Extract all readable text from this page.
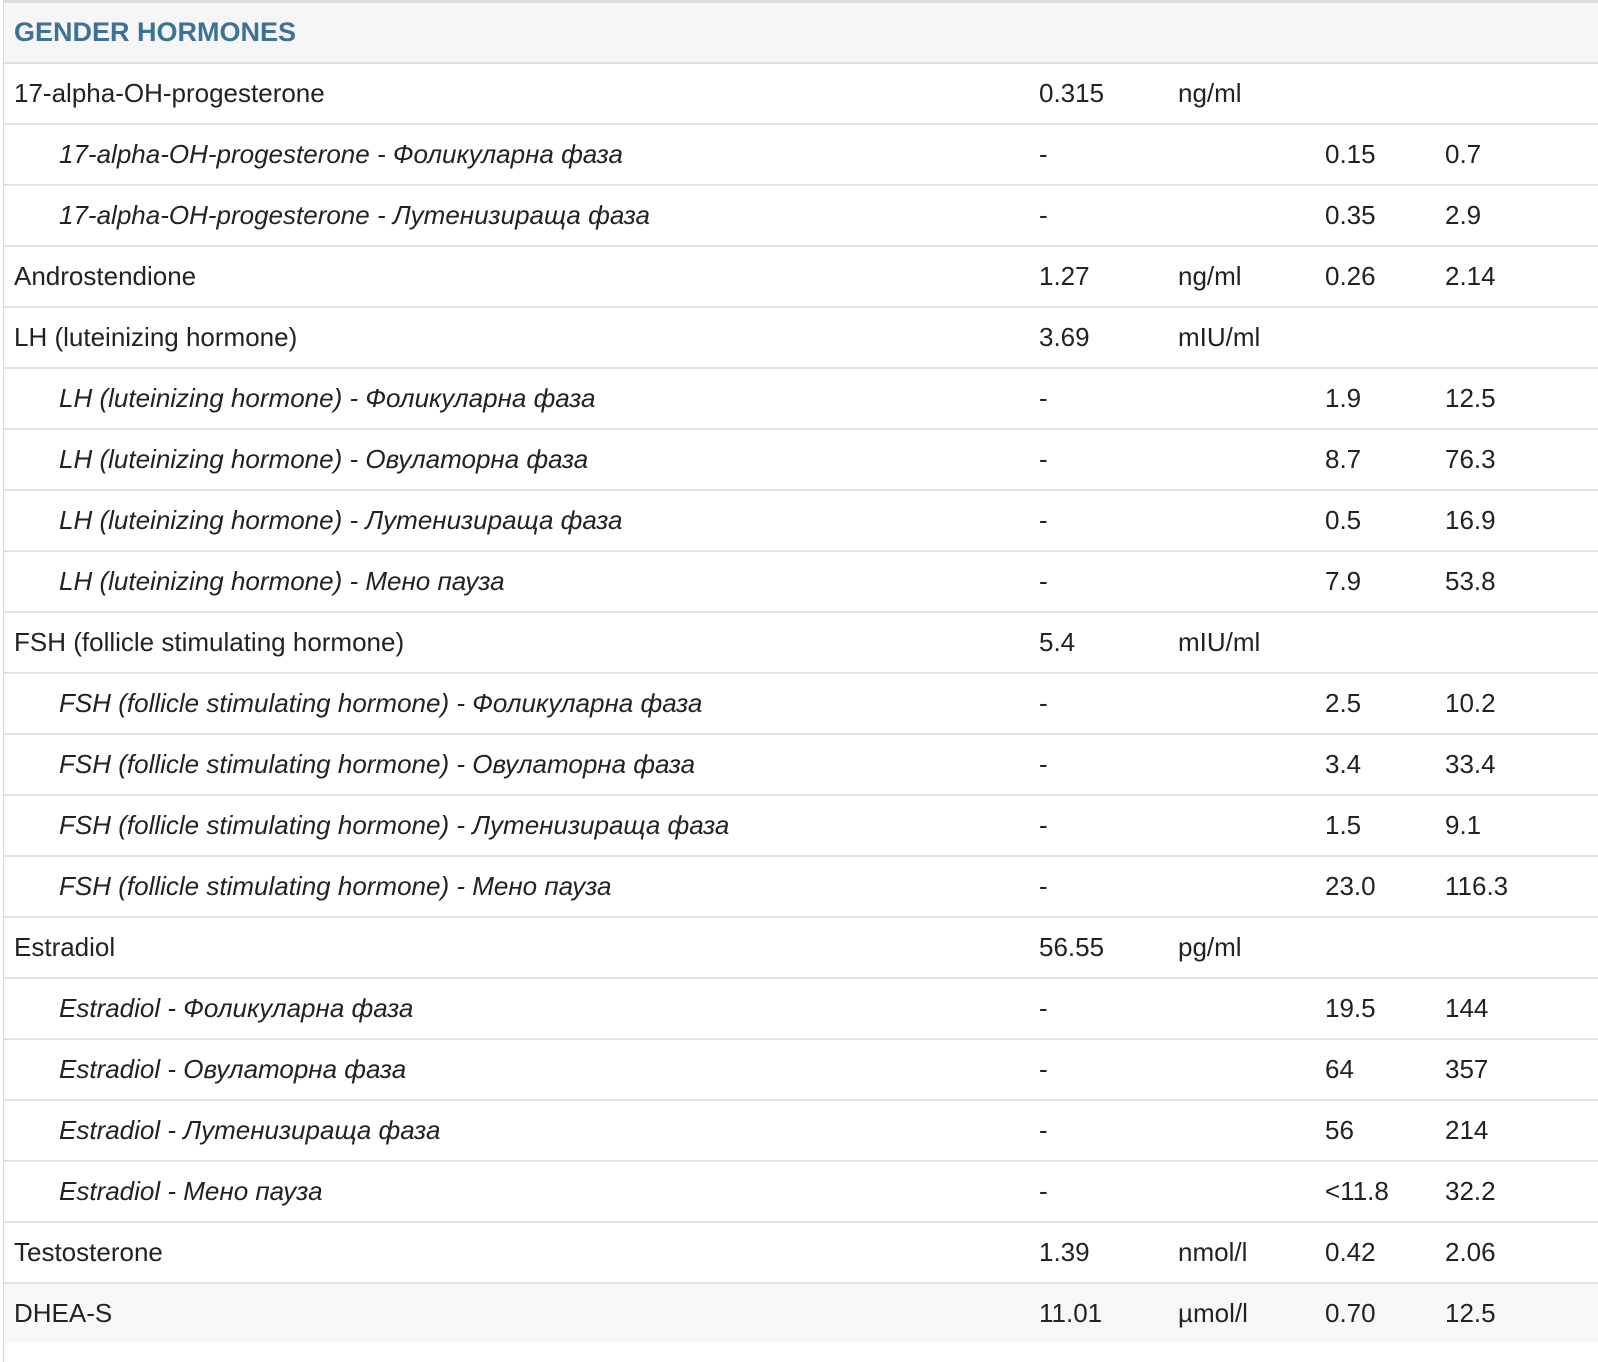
GENDER HORMONES
17-alpha-OH-progesterone	0.315	ng/ml		
17-alpha-OH-progesterone - Фоликуларна фаза	-		0.15	0.7
17-alpha-OH-progesterone - Лутенизираща фаза	-		0.35	2.9
Androstendione	1.27	ng/ml	0.26	2.14
LH (luteinizing hormone)	3.69	mIU/ml		
LH (luteinizing hormone) - Фоликуларна фаза	-		1.9	12.5
LH (luteinizing hormone) - Овулаторна фаза	-		8.7	76.3
LH (luteinizing hormone) - Лутенизираща фаза	-		0.5	16.9
LH (luteinizing hormone) - Мено пауза	-		7.9	53.8
FSH (follicle stimulating hormone)	5.4	mIU/ml		
FSH (follicle stimulating hormone) - Фоликуларна фаза	-		2.5	10.2
FSH (follicle stimulating hormone) - Овулаторна фаза	-		3.4	33.4
FSH (follicle stimulating hormone) - Лутенизираща фаза	-		1.5	9.1
FSH (follicle stimulating hormone) - Мено пауза	-		23.0	116.3
Estradiol	56.55	pg/ml		
Estradiol - Фоликуларна фаза	-		19.5	144
Estradiol - Овулаторна фаза	-		64	357
Estradiol - Лутенизираща фаза	-		56	214
Estradiol - Мено пауза	-		<11.8	32.2
Testosterone	1.39	nmol/l	0.42	2.06
DHEA-S	11.01	µmol/l	0.70	12.5
